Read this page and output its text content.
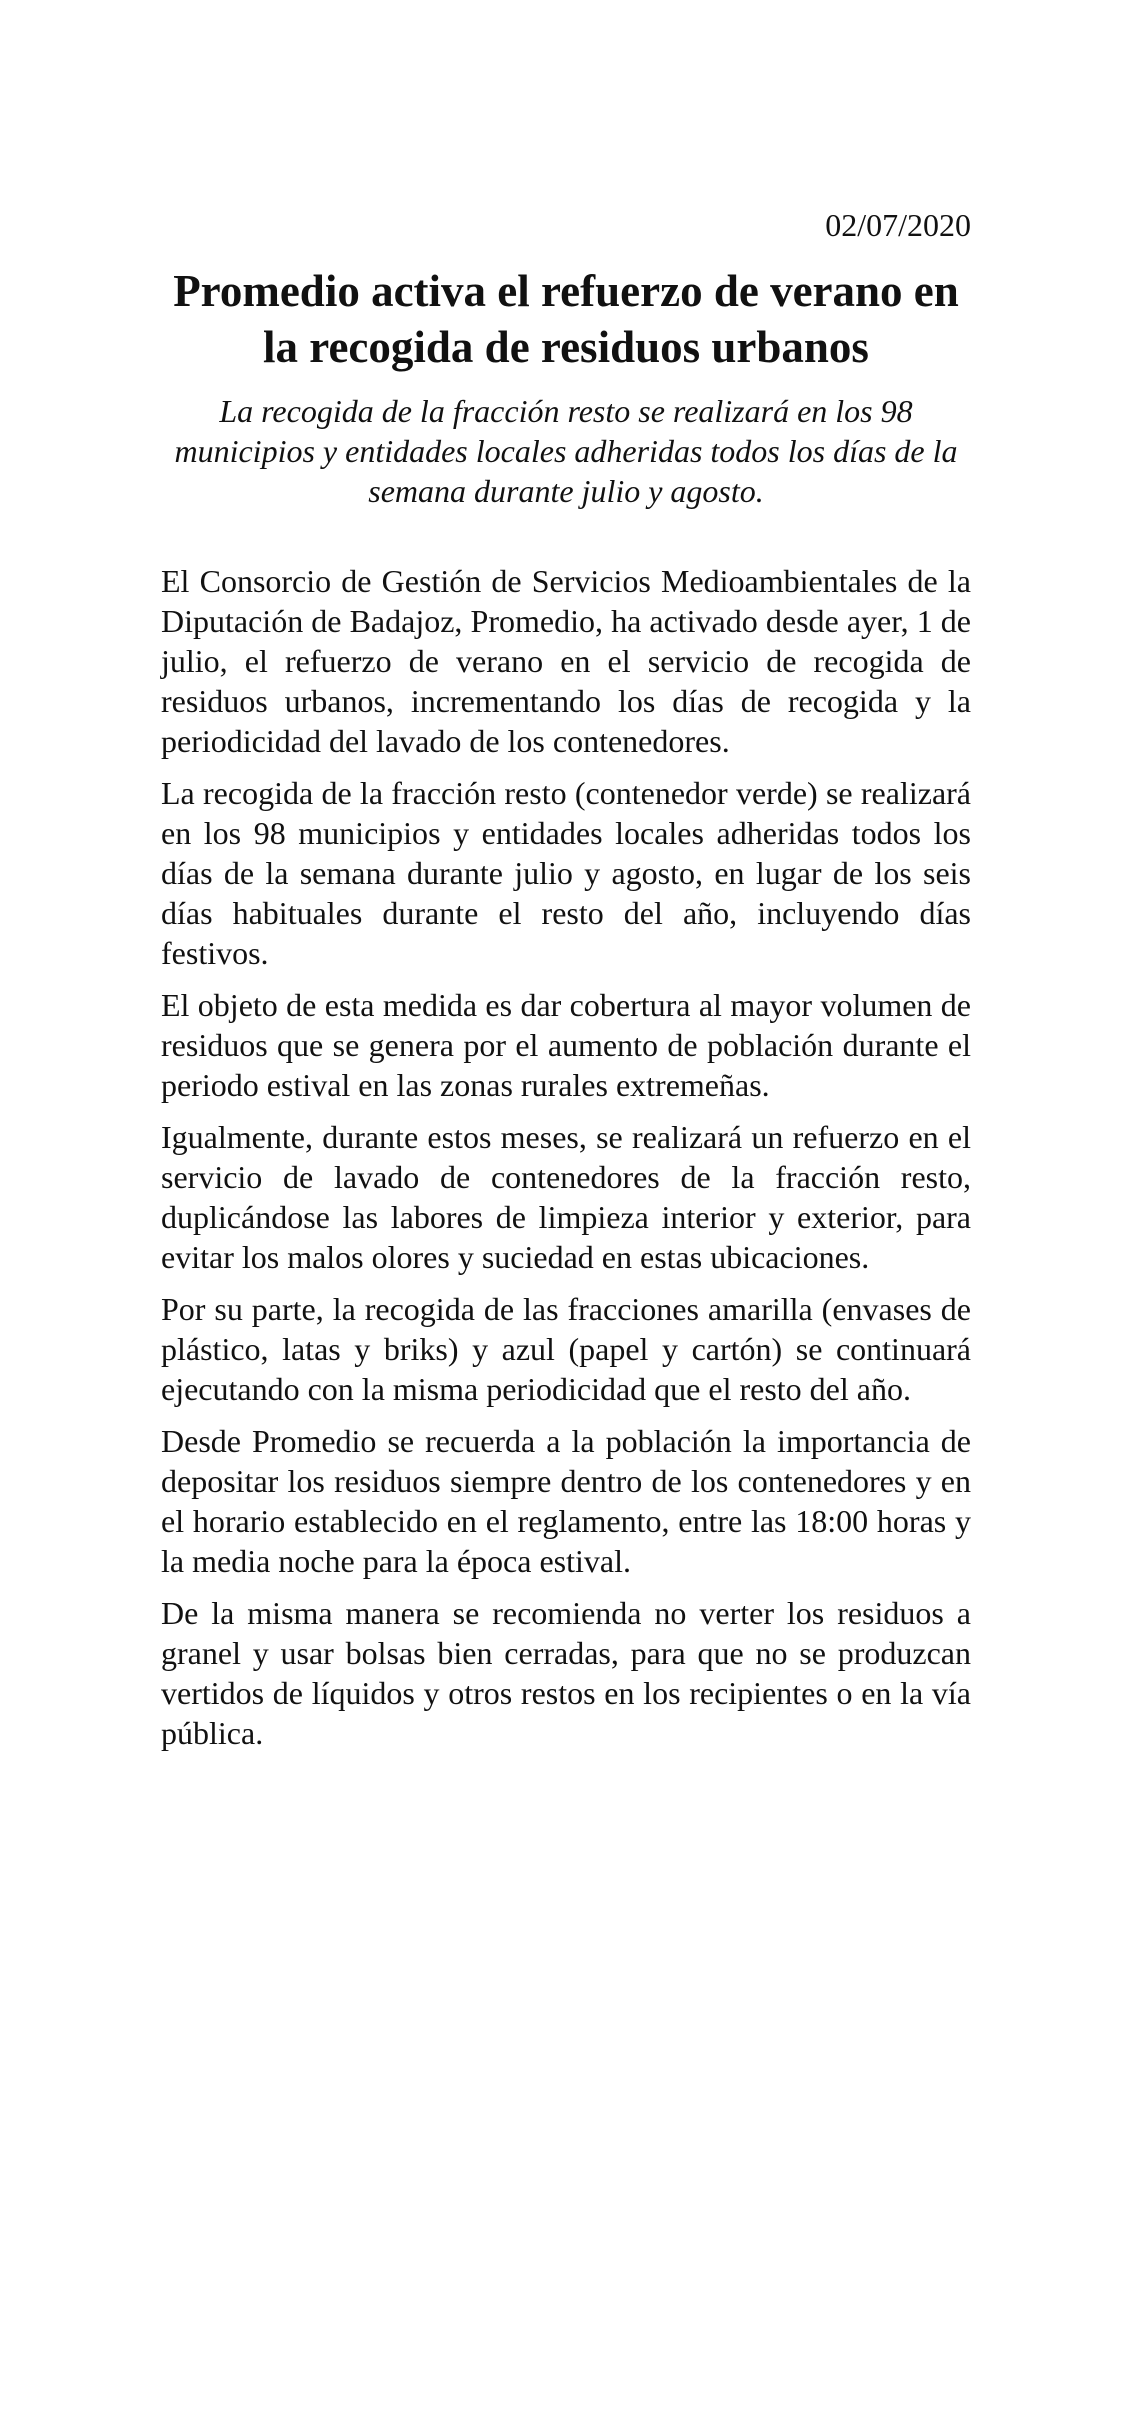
02/07/2020
Promedio activa el refuerzo de verano en la recogida de residuos urbanos
La recogida de la fracción resto se realizará en los 98 municipios y entidades locales adheridas todos los días de la semana durante julio y agosto.

El Consorcio de Gestión de Servicios Medioambientales de la Diputación de Badajoz, Promedio, ha activado desde ayer, 1 de julio, el refuerzo de verano en el servicio de recogida de residuos urbanos, incrementando los días de recogida y la periodicidad del lavado de los contenedores.

La recogida de la fracción resto (contenedor verde) se realizará en los 98 municipios y entidades locales adheridas todos los días de la semana durante julio y agosto, en lugar de los seis días habituales durante el resto del año, incluyendo días festivos.

El objeto de esta medida es dar cobertura al mayor volumen de residuos que se genera por el aumento de población durante el periodo estival en las zonas rurales extremeñas.

Igualmente, durante estos meses, se realizará un refuerzo en el servicio de lavado de contenedores de la fracción resto, duplicándose las labores de limpieza interior y exterior, para evitar los malos olores y suciedad en estas ubicaciones.

Por su parte, la recogida de las fracciones amarilla (envases de plástico, latas y briks) y azul (papel y cartón) se continuará ejecutando con la misma periodicidad que el resto del año.

Desde Promedio se recuerda a la población la importancia de depositar los residuos siempre dentro de los contenedores y en el horario establecido en el reglamento, entre las 18:00 horas y la media noche para la época estival.

De la misma manera se recomienda no verter los residuos a granel y usar bolsas bien cerradas, para que no se produzcan vertidos de líquidos y otros restos en los recipientes o en la vía pública.
